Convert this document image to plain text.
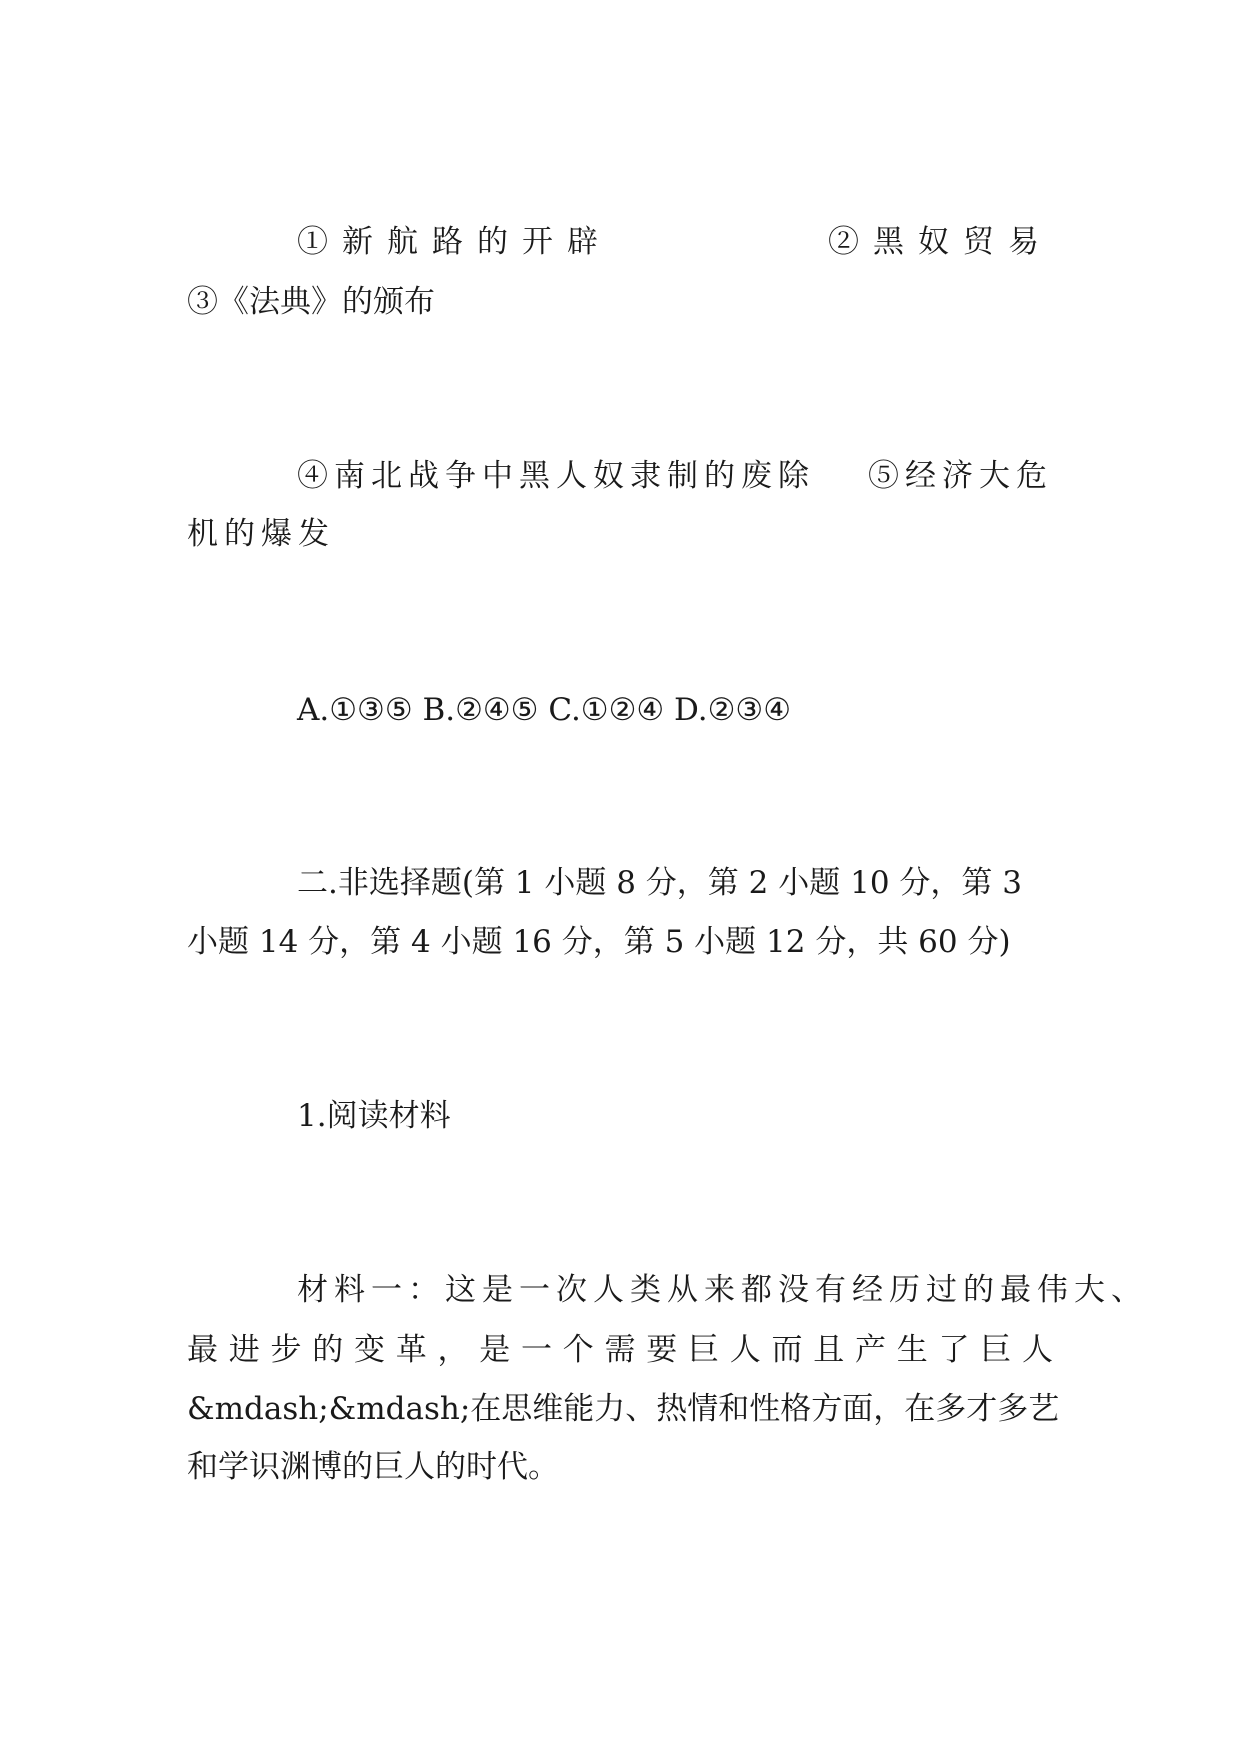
①新航路的开辟	②黑奴贸易
③《法典》的颁布
④南北战争中黑人奴隶制的废除 ⑤经济大危
机的爆发
A.①③⑤ B.②④⑤ C.①②④ D.②③④
二.非选择题(第 1 小题 8 分，第 2 小题 10 分，第 3
小题 14 分，第 4 小题 16 分，第 5 小题 12 分，共 60 分)
1.阅读材料
材料一：这是一次人类从来都没有经历过的最伟大、
最进步的变革，是一个需要巨人而且产生了巨人
&mdash;&mdash;在思维能力、热情和性格方面，在多才多艺
和学识渊博的巨人的时代。
